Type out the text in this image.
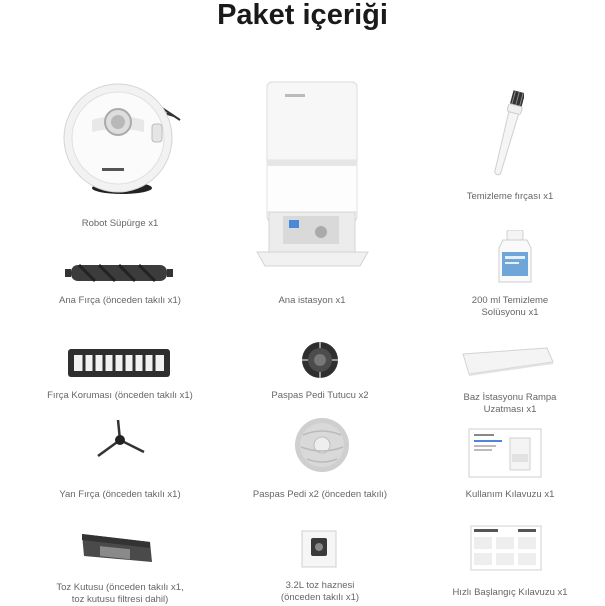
Paket içeriği
Robot Süpürge x1
Ana istasyon x1
Temizleme fırçası x1
Ana Fırça (önceden takılı x1)	200 ml Temizleme
Solüsyonu x1
Fırça Koruması (önceden takılı x1)	Paspas Pedi Tutucu x2	Baz İstasyonu Rampa
Uzatması x1
Yan Fırça (önceden takılı x1)	Paspas Pedi x2 (önceden takılı)	Kullanım Kılavuzu x1
Toz Kutusu (önceden takılı x1,
toz kutusu filtresi dahil)
3.2L toz haznesi
(önceden takılı x1)	Hızlı Başlangıç Kılavuzu x1
